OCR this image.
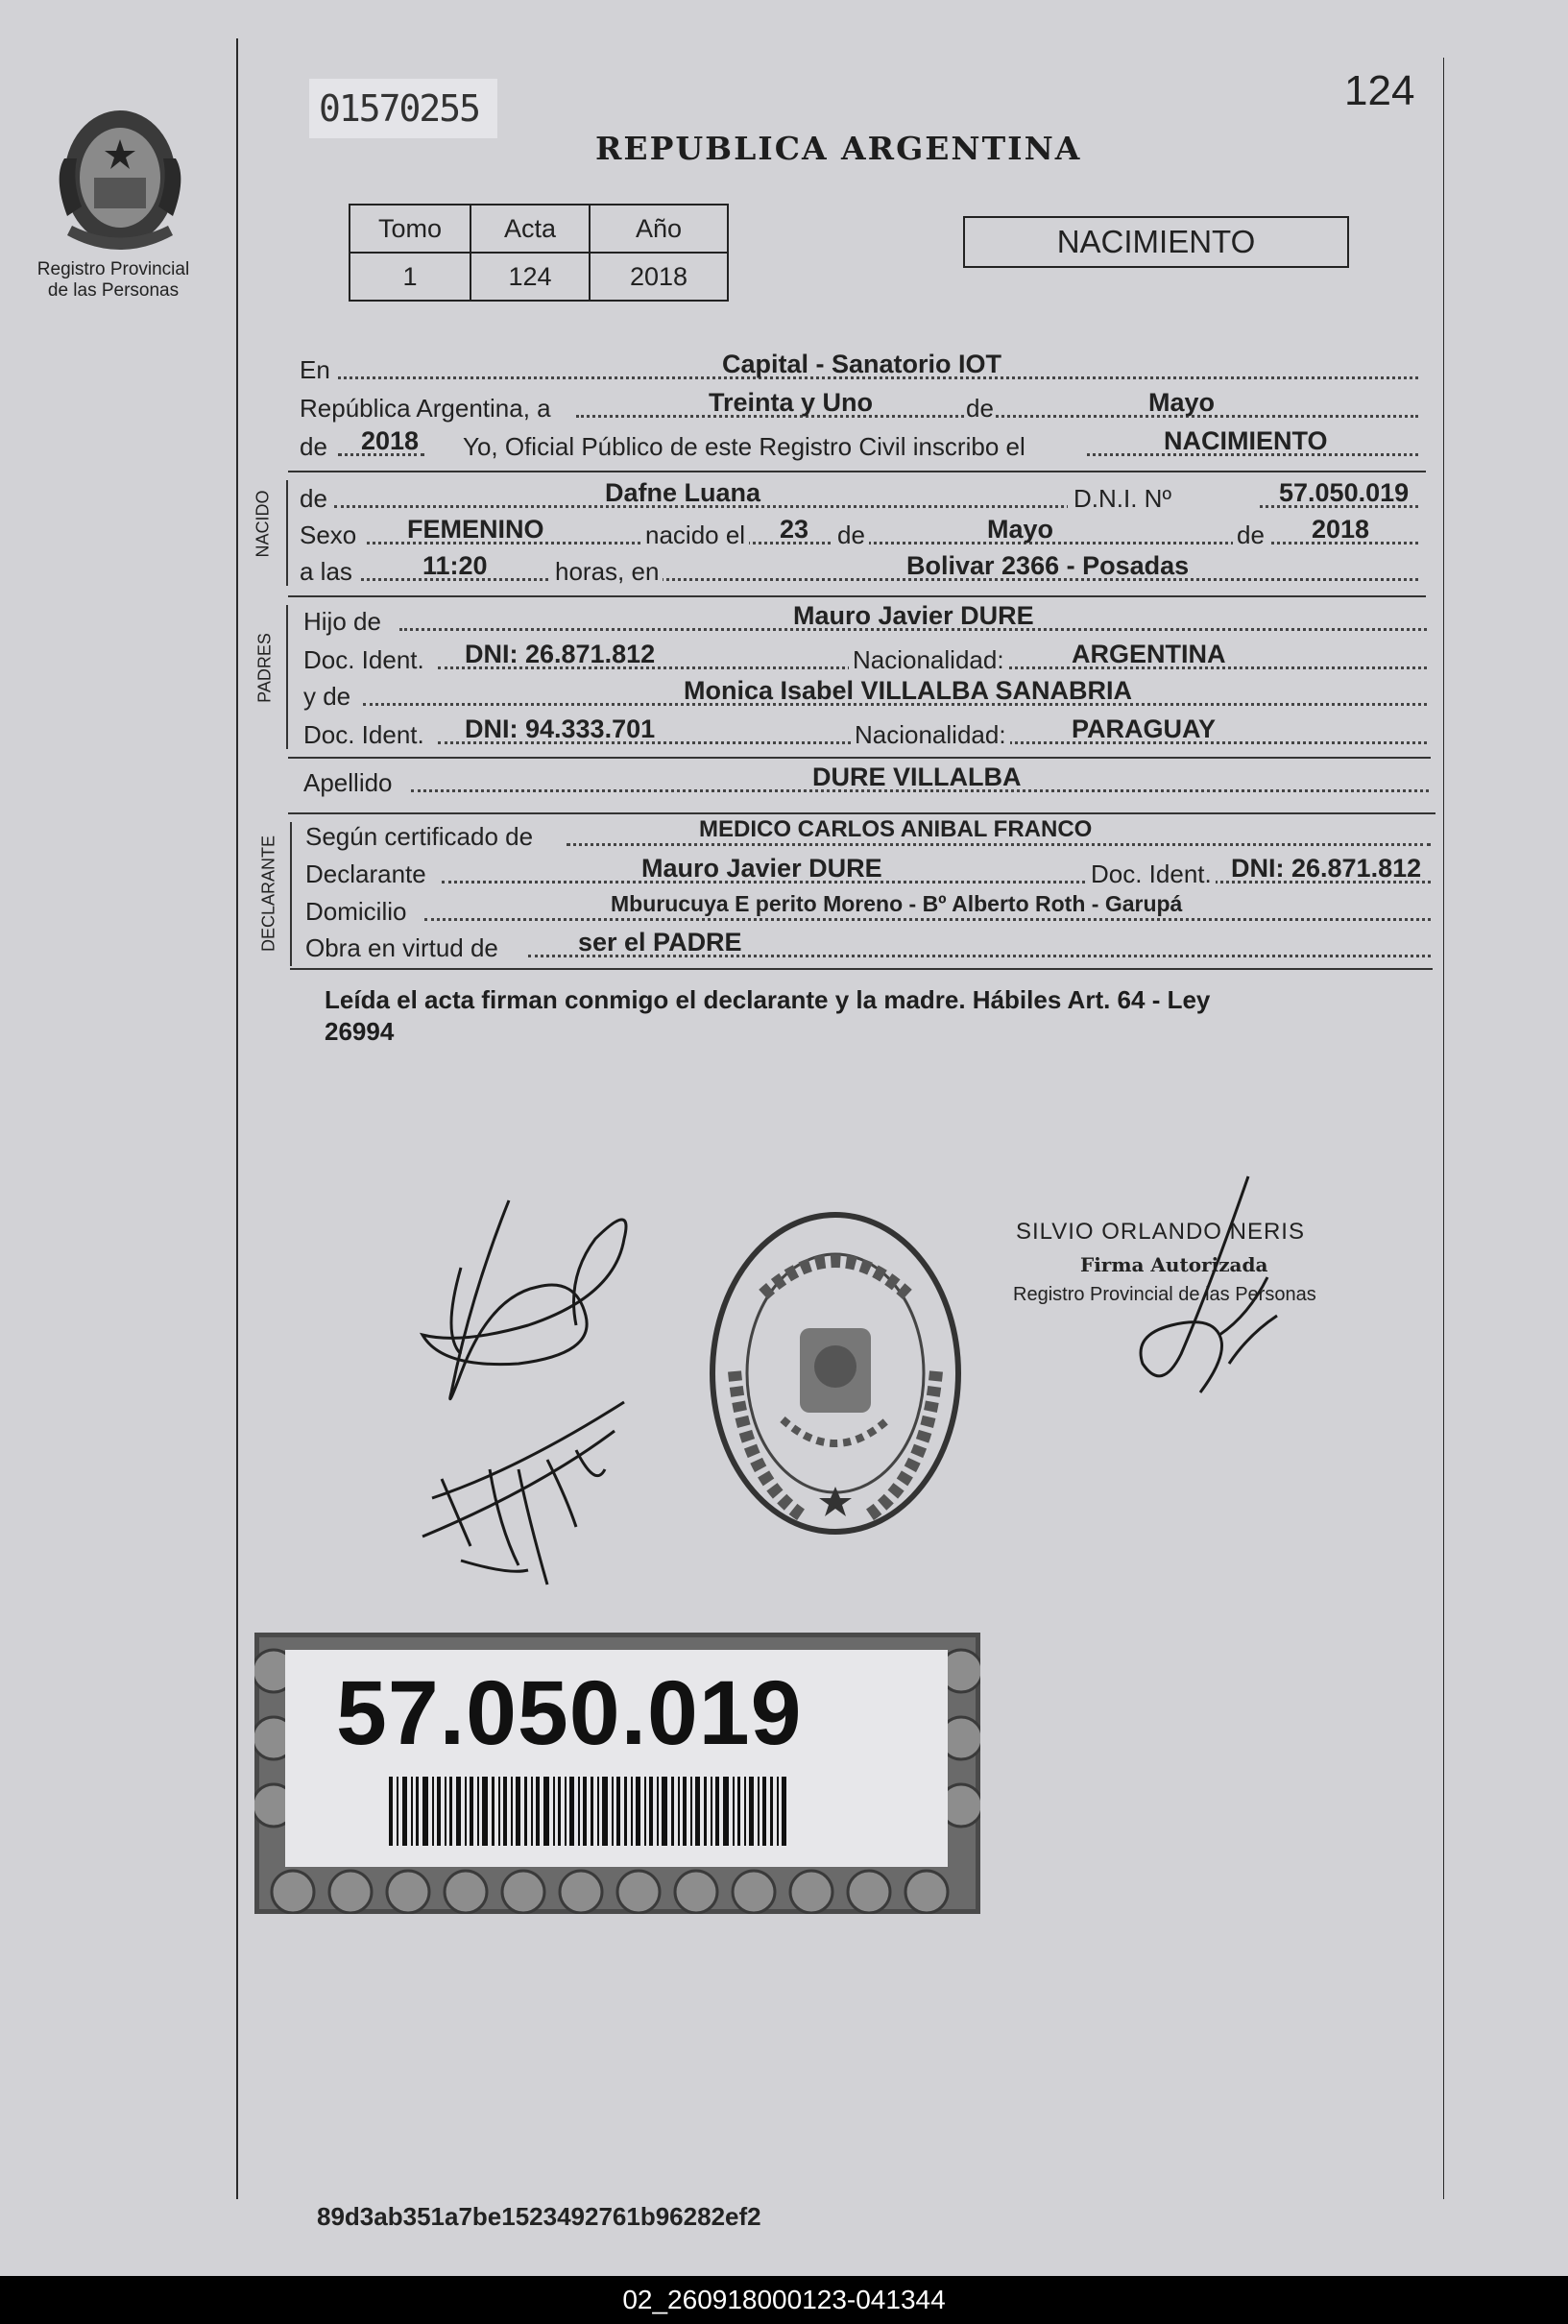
Registro Provincial
de las Personas
01570255	124
REPUBLICA ARGENTINA
Tomo	Acta	Año
1	124	2018
NACIMIENTO
En	Capital - Sanatorio IOT
República Argentina, a	Treinta y Uno	de	Mayo
de 2018 Yo, Oficial Público de este Registro Civil inscribo el	NACIMIENTO
NACIDO de	Dafne Luana	D.N.I. Nº	57.050.019
Sexo FEMENINO	nacido el 23 de	Mayo	de 2018
a las	11:20	horas, en	Bolivar 2366 - Posadas
PADRES
Hijo de	Mauro Javier DURE
Doc. Ident. DNI: 26.871.812	Nacionalidad:	ARGENTINA
y de	Monica Isabel VILLALBA SANABRIA
Doc. Ident. DNI: 94.333.701	Nacionalidad:	PARAGUAY
Apellido	DURE VILLALBA
DECLARANTE Según certificado de	MEDICO CARLOS ANIBAL FRANCO
Declarante	Mauro Javier DURE	Doc. Ident. DNI: 26.871.812
Domicilio	Mburucuya E perito Moreno - Bº Alberto Roth - Garupá
Obra en virtud de	ser el PADRE
Leída el acta firman conmigo el declarante y la madre. Hábiles Art. 64 - Ley
26994
SILVIO ORLANDO NERIS
Firma Autorizada
Registro Provincial de las Personas
57.050.019
89d3ab351a7be1523492761b96282ef2
02_260918000123-041344
